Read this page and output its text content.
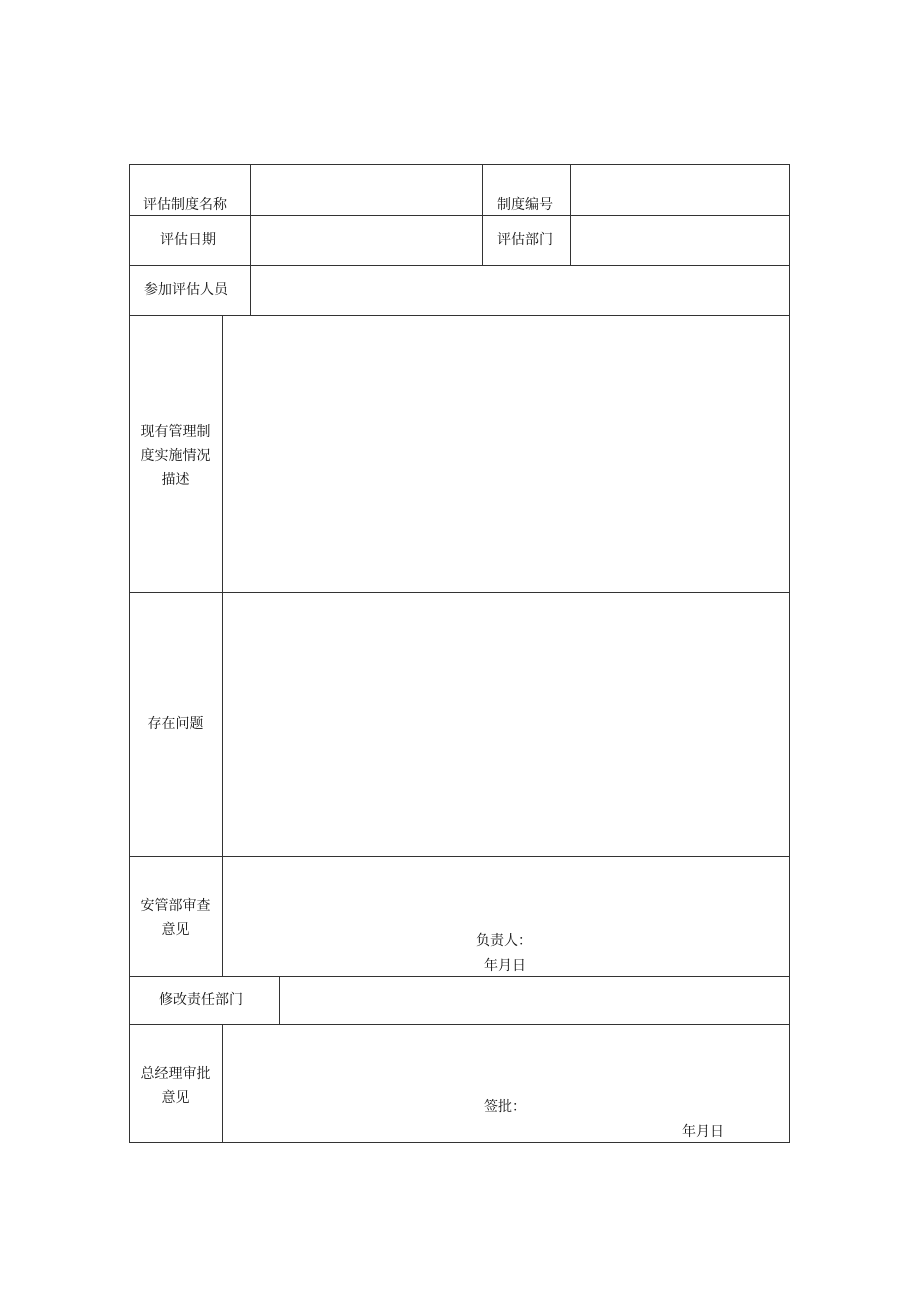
评估制度名称	制度编号
评估日期	评估部门
参加评估人员
现有管理制
度实施情况
描述
存在问题
安管部审查
意见
负责人：
年月日
修改责任部门
总经理审批
意见
签批：
年月日
